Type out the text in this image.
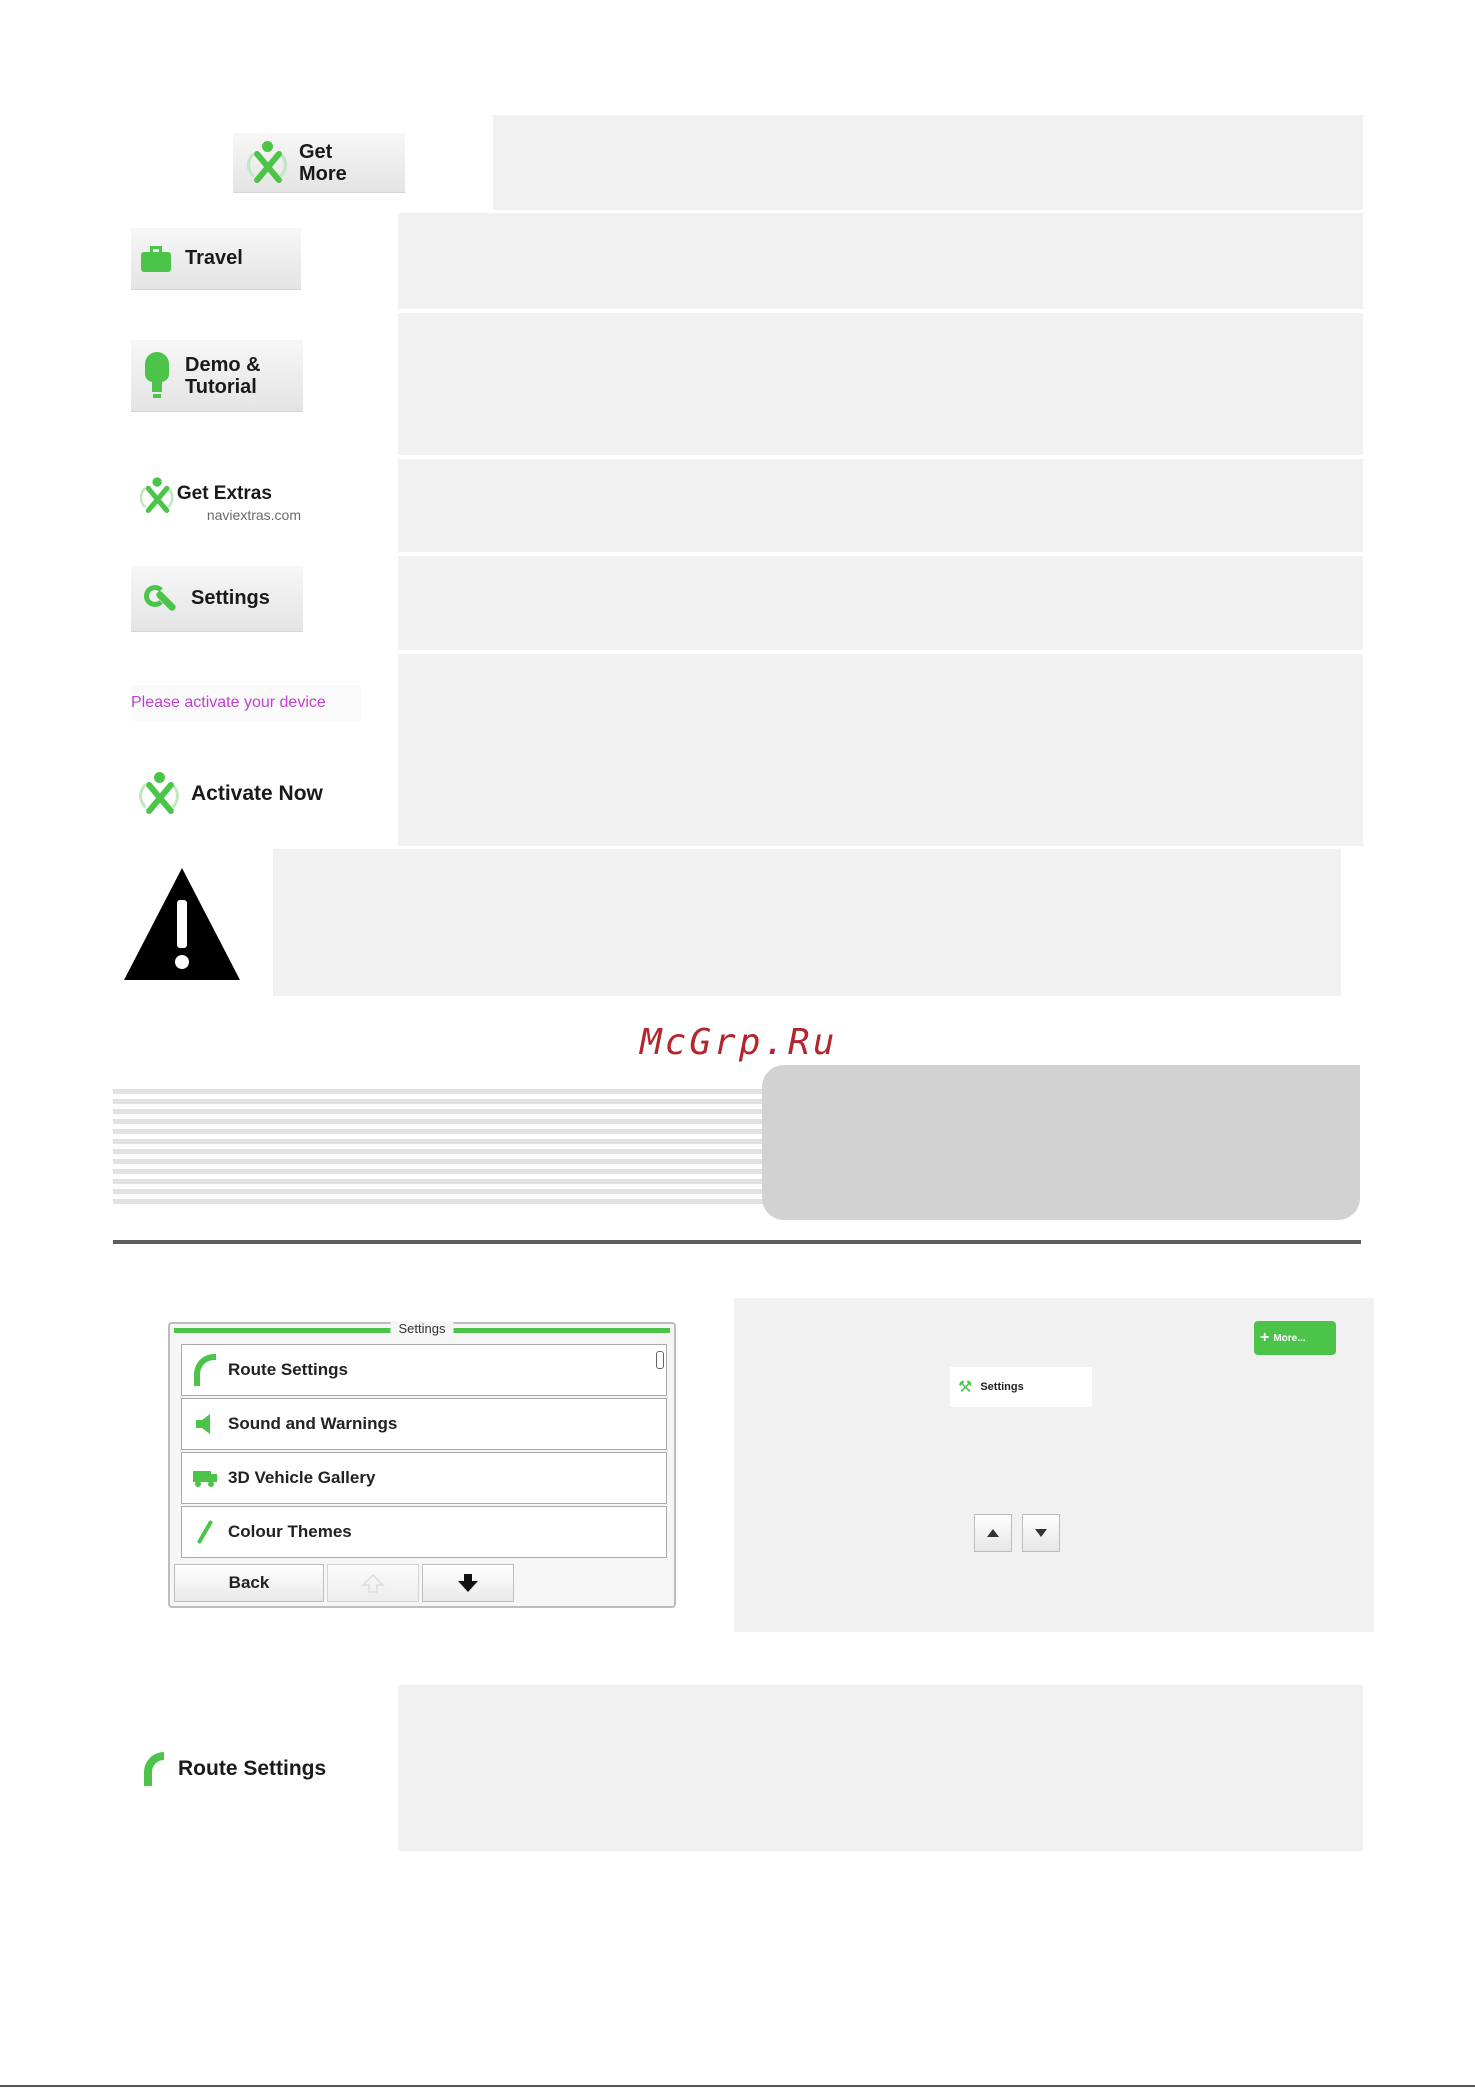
Get
More
Travel
Demo &
Tutorial
Get Extras
naviextras.com
Settings
Please activate your device
Activate Now
McGrp.Ru
Settings
Route Settings
Sound and Warnings
3D Vehicle Gallery
Colour Themes
Back
+ More...
⚒ Settings
Route Settings
